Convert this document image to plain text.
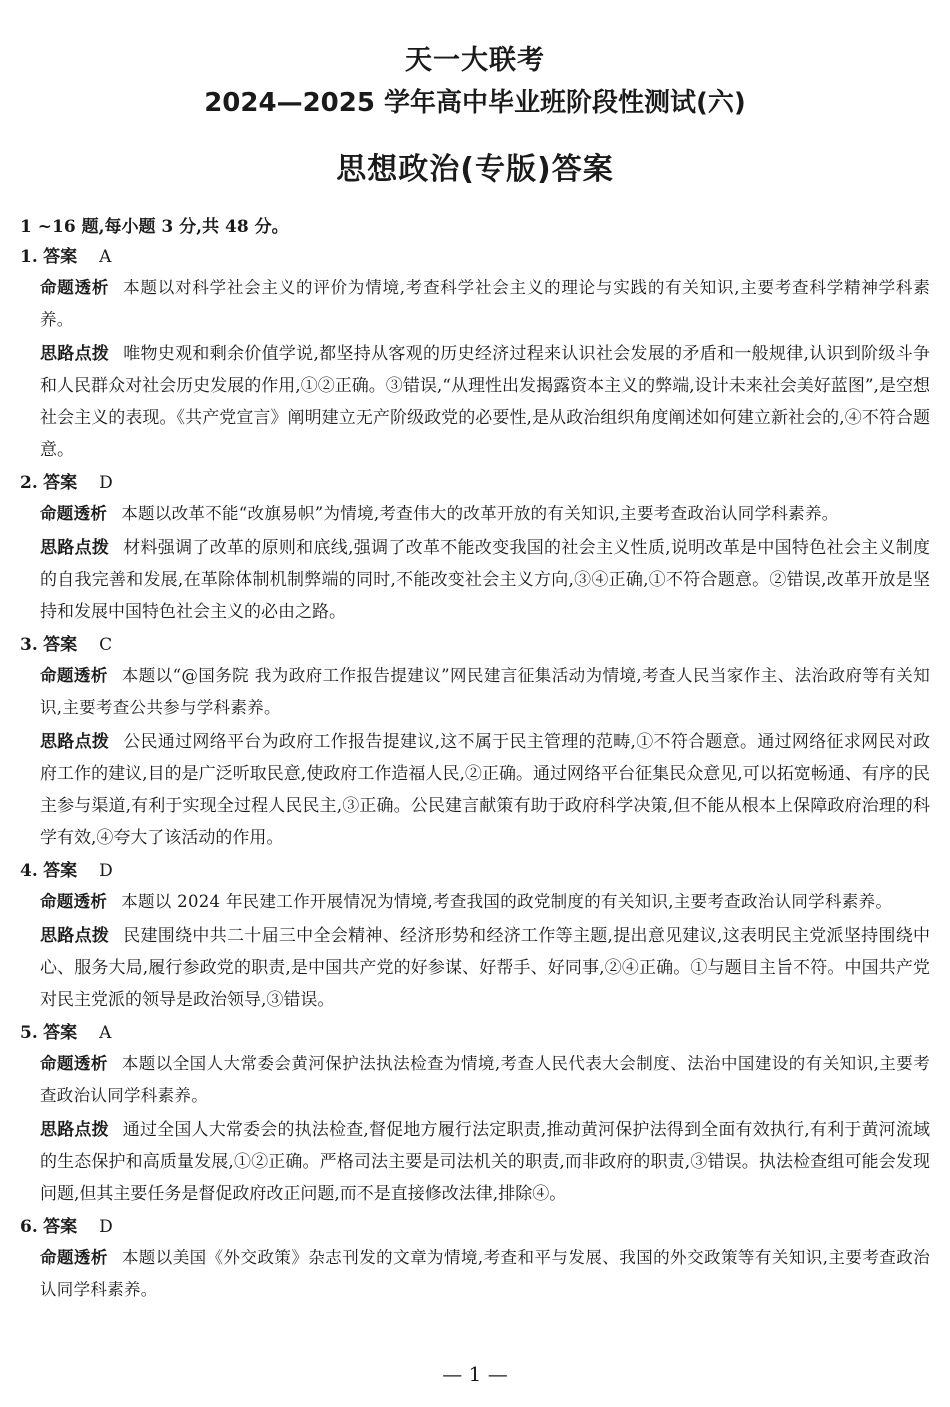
天一大联考
2024—2025 学年高中毕业班阶段性测试(六)
思想政治(专版)答案

1 ~16 题,每小题 3 分,共 48 分。

1. 答案 A

命题透析 本题以对科学社会主义的评价为情境,考查科学社会主义的理论与实践的有关知识,主要考查科学精神学科素养。

思路点拨 唯物史观和剩余价值学说,都坚持从客观的历史经济过程来认识社会发展的矛盾和一般规律,认识到阶级斗争和人民群众对社会历史发展的作用,①②正确。③错误,“从理性出发揭露资本主义的弊端,设计未来社会美好蓝图”,是空想社会主义的表现。《共产党宣言》阐明建立无产阶级政党的必要性,是从政治组织角度阐述如何建立新社会的,④不符合题意。

2. 答案 D

命题透析 本题以改革不能“改旗易帜”为情境,考查伟大的改革开放的有关知识,主要考查政治认同学科素养。

思路点拨 材料强调了改革的原则和底线,强调了改革不能改变我国的社会主义性质,说明改革是中国特色社会主义制度的自我完善和发展,在革除体制机制弊端的同时,不能改变社会主义方向,③④正确,①不符合题意。②错误,改革开放是坚持和发展中国特色社会主义的必由之路。

3. 答案 C

命题透析 本题以“@国务院 我为政府工作报告提建议”网民建言征集活动为情境,考查人民当家作主、法治政府等有关知识,主要考查公共参与学科素养。

思路点拨 公民通过网络平台为政府工作报告提建议,这不属于民主管理的范畴,①不符合题意。通过网络征求网民对政府工作的建议,目的是广泛听取民意,使政府工作造福人民,②正确。通过网络平台征集民众意见,可以拓宽畅通、有序的民主参与渠道,有利于实现全过程人民民主,③正确。公民建言献策有助于政府科学决策,但不能从根本上保障政府治理的科学有效,④夸大了该活动的作用。

4. 答案 D

命题透析 本题以 2024 年民建工作开展情况为情境,考查我国的政党制度的有关知识,主要考查政治认同学科素养。

思路点拨 民建围绕中共二十届三中全会精神、经济形势和经济工作等主题,提出意见建议,这表明民主党派坚持围绕中心、服务大局,履行参政党的职责,是中国共产党的好参谋、好帮手、好同事,②④正确。①与题目主旨不符。中国共产党对民主党派的领导是政治领导,③错误。

5. 答案 A

命题透析 本题以全国人大常委会黄河保护法执法检查为情境,考查人民代表大会制度、法治中国建设的有关知识,主要考查政治认同学科素养。

思路点拨 通过全国人大常委会的执法检查,督促地方履行法定职责,推动黄河保护法得到全面有效执行,有利于黄河流域的生态保护和高质量发展,①②正确。严格司法主要是司法机关的职责,而非政府的职责,③错误。执法检查组可能会发现问题,但其主要任务是督促政府改正问题,而不是直接修改法律,排除④。

6. 答案 D

命题透析 本题以美国《外交政策》杂志刊发的文章为情境,考查和平与发展、我国的外交政策等有关知识,主要考查政治认同学科素养。

— 1 —
